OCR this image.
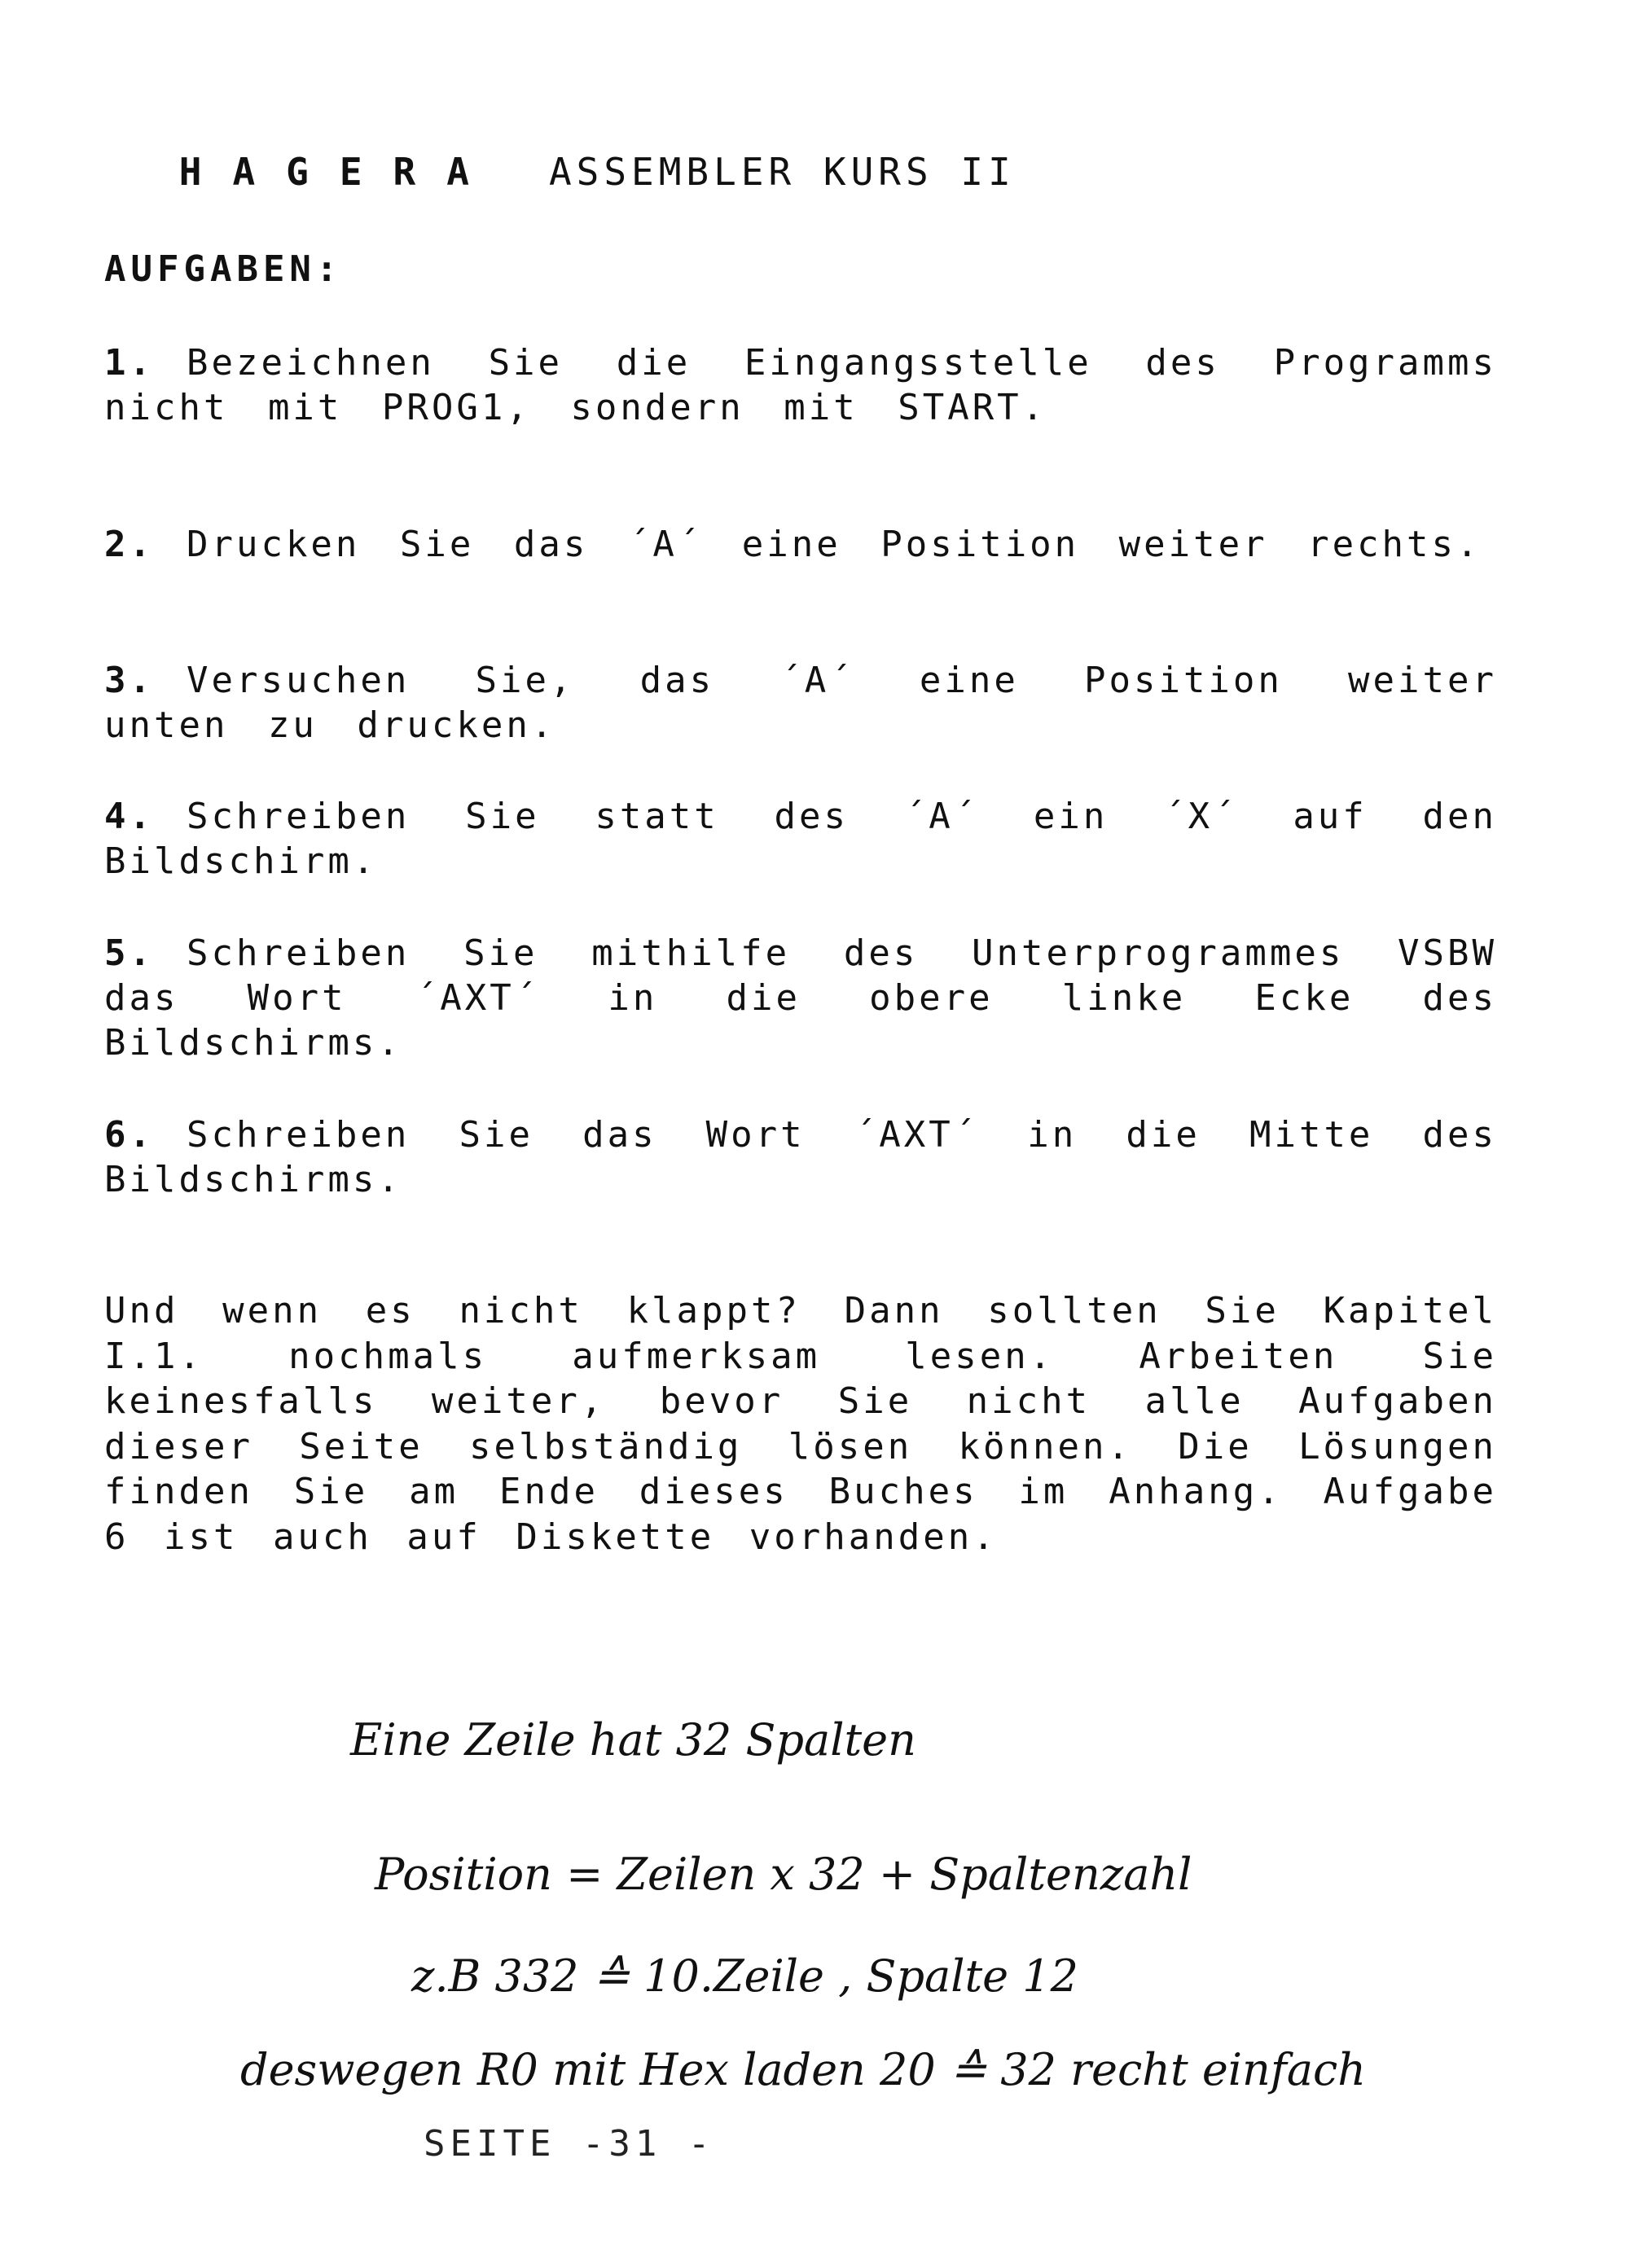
HAGERA ASSEMBLER KURS II

AUFGABEN:
1. Bezeichnen Sie die Eingangsstelle des Programms nicht mit PROG1, sondern mit START.
2. Drucken Sie das ´A´ eine Position weiter rechts.
3. Versuchen Sie, das ´A´ eine Position weiter unten zu drucken.
4. Schreiben Sie statt des ´A´ ein ´X´ auf den Bildschirm.
5. Schreiben Sie mithilfe des Unterprogrammes VSBW das Wort ´AXT´ in die obere linke Ecke des Bildschirms.
6. Schreiben Sie das Wort ´AXT´ in die Mitte des Bildschirms.
Und wenn es nicht klappt? Dann sollten Sie Kapitel I.1. nochmals aufmerksam lesen. Arbeiten Sie keinesfalls weiter, bevor Sie nicht alle Aufgaben dieser Seite selbständig lösen können. Die Lösungen finden Sie am Ende dieses Buches im Anhang. Aufgabe 6 ist auch auf Diskette vorhanden.
Eine Zeile hat 32 Spalten
Position = Zeilen x 32 + Spaltenzahl
z.B 332 ≙ 10.Zeile , Spalte 12
deswegen R0 mit Hex laden 20 ≙ 32 recht einfach
SEITE -31 -
